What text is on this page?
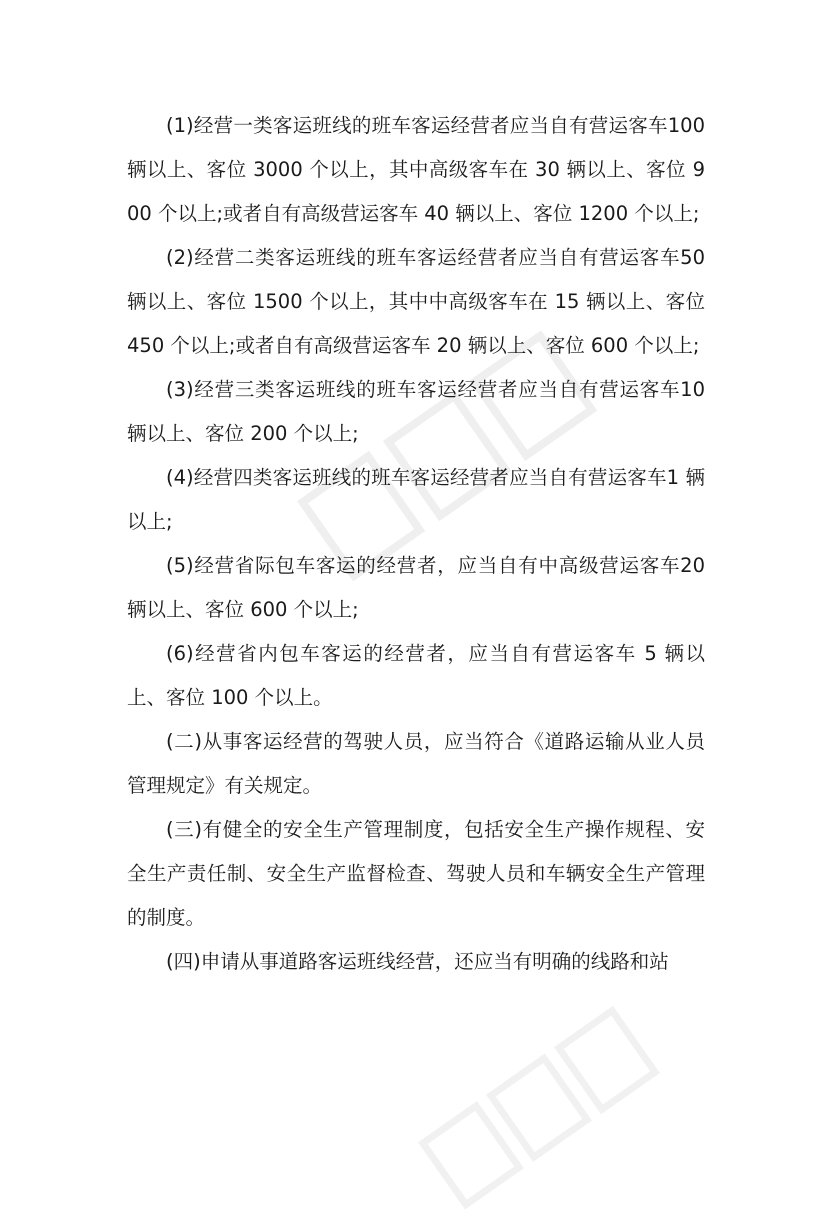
(1)经营一类客运班线的班车客运经营者应当自有营运客车100 辆以上、客位 3000 个以上，其中高级客车在 30 辆以上、客位 900 个以上;或者自有高级营运客车 40 辆以上、客位 1200 个以上;

(2)经营二类客运班线的班车客运经营者应当自有营运客车50 辆以上、客位 1500 个以上，其中中高级客车在 15 辆以上、客位 450 个以上;或者自有高级营运客车 20 辆以上、客位 600 个以上;

(3)经营三类客运班线的班车客运经营者应当自有营运客车10 辆以上、客位 200 个以上;

(4)经营四类客运班线的班车客运经营者应当自有营运客车1 辆以上;

(5)经营省际包车客运的经营者，应当自有中高级营运客车20 辆以上、客位 600 个以上;

(6)经营省内包车客运的经营者，应当自有营运客车 5 辆以上、客位 100 个以上。

(二)从事客运经营的驾驶人员，应当符合《道路运输从业人员管理规定》有关规定。

(三)有健全的安全生产管理制度，包括安全生产操作规程、安全生产责任制、安全生产监督检查、驾驶人员和车辆安全生产管理的制度。

(四)申请从事道路客运班线经营，还应当有明确的线路和站
